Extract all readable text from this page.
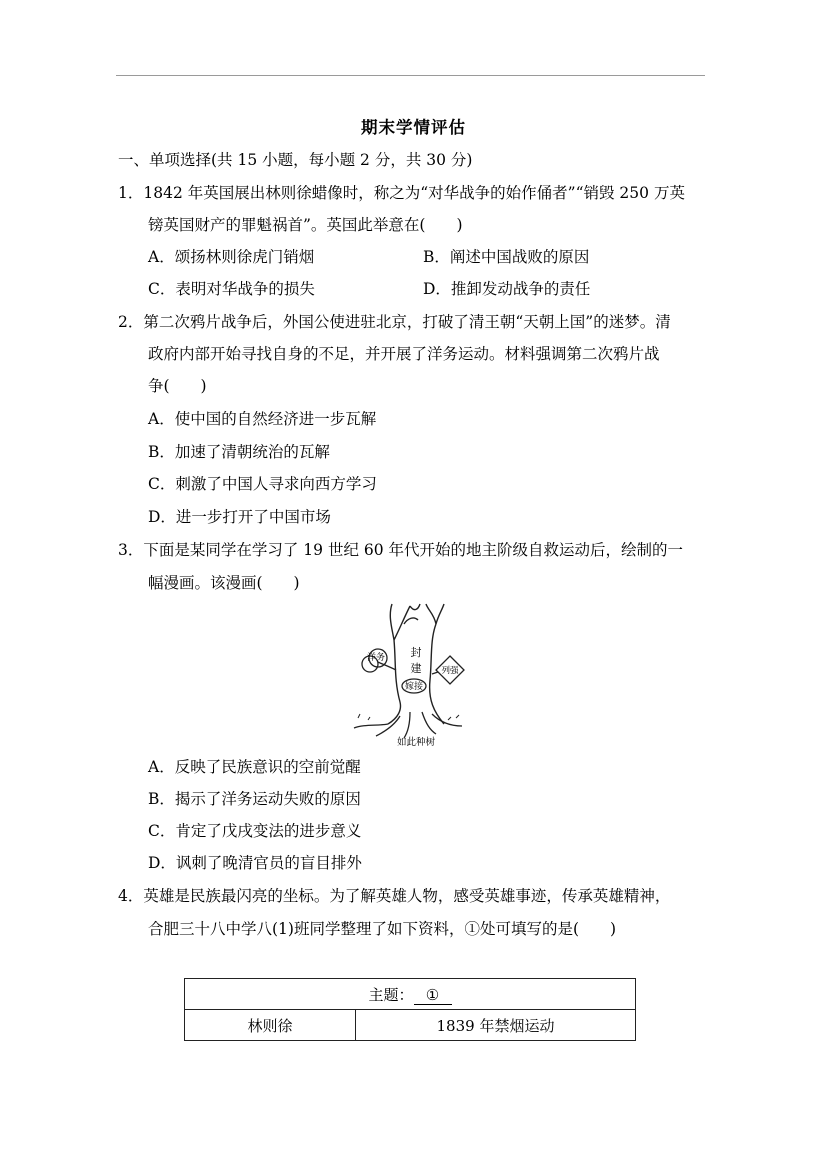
期末学情评估
一、单项选择(共 15 小题，每小题 2 分，共 30 分)
1．1842 年英国展出林则徐蜡像时，称之为“对华战争的始作俑者”“销毁 250 万英
镑英国财产的罪魁祸首”。英国此举意在(　　)
A．颂扬林则徐虎门销烟	B．阐述中国战败的原因
C．表明对华战争的损失	D．推卸发动战争的责任
2．第二次鸦片战争后，外国公使进驻北京，打破了清王朝“天朝上国”的迷梦。清
政府内部开始寻找自身的不足，并开展了洋务运动。材料强调第二次鸦片战
争(　　)
A．使中国的自然经济进一步瓦解
B．加速了清朝统治的瓦解
C．刺激了中国人寻求向西方学习
D．进一步打开了中国市场
3．下面是某同学在学习了 19 世纪 60 年代开始的地主阶级自救运动后，绘制的一
幅漫画。该漫画(　　)
洋务 封
建
嫁接
列强
如此种树
A．反映了民族意识的空前觉醒
B．揭示了洋务运动失败的原因
C．肯定了戊戌变法的进步意义
D．讽刺了晚清官员的盲目排外
4．英雄是民族最闪亮的坐标。为了解英雄人物，感受英雄事迹，传承英雄精神，
合肥三十八中学八(1)班同学整理了如下资料，①处可填写的是(　　)
主题： ①
林则徐	1839 年禁烟运动
